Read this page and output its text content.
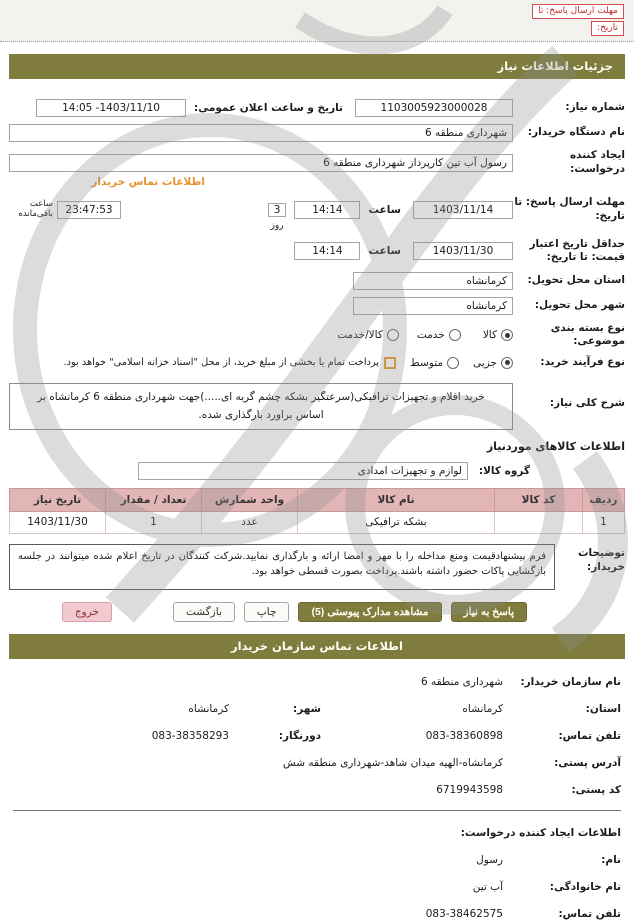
مهلت ارسال پاسخ: تا
تاریخ:
جزئیات اطلاعات نیاز
شماره نیاز:
1103005923000028
تاریخ و ساعت اعلان عمومی:
14:05 -1403/11/10
نام دستگاه خریدار:
شهرداری منطقه 6
ایجاد کننده درخواست:
رسول آب تین کارپرداز شهرداری منطقه 6
اطلاعات تماس خریدار
مهلت ارسال پاسخ: تا تاریخ:
1403/11/14
ساعت
14:14
3
روز
23:47:53
ساعت باقی‌مانده
حداقل تاریخ اعتبار قیمت: تا تاریخ:
1403/11/30
ساعت
14:14
استان محل تحویل:
کرمانشاه
شهر محل تحویل:
کرمانشاه
نوع بسته بندی موضوعی:
کالا
خدمت
کالا/خدمت
نوع فرآیند خرید:
جزیی
متوسط
پرداخت تمام یا بخشی از مبلغ خرید، از محل "اسناد خزانه اسلامی" خواهد بود.
شرح کلی نیاز:
خرید اقلام و تجهیزات ترافیکی(سرعتگیر بشکه چشم گربه ای.....)جهت شهرداری منطقه 6 کرمانشاه بر اساس براورد بارگذاری شده.
اطلاعات کالاهای موردنیاز
گروه کالا:
لوازم و تجهیزات امدادی
ردیف	کد کالا	نام کالا	واحد شمارش	تعداد / مقدار	تاریخ نیاز
1		بشکه ترافیکی	عدد	1	1403/11/30
توضیحات خریدار:
فرم پیشنهادقیمت ومنع مداخله را با مهر و امضا ارائه و بارگذاری نمایید.شرکت کنندگان در تاریخ اعلام شده میتوانند در جلسه بازگشایی پاکات حضور داشته باشند.پرداخت بصورت قسطی خواهد بود.
پاسخ به نیاز
مشاهده مدارک پیوستی (5)
چاپ
بازگشت
خروج
اطلاعات تماس سازمان خریدار
نام سازمان خریدار:
شهرداری منطقه 6
استان:
کرمانشاه
شهر:
کرمانشاه
تلفن تماس:
083-38360898
دورنگار:
083-38358293
آدرس پستی:
کرمانشاه-الهیه میدان شاهد-شهرداری منطقه شش
کد پستی:
6719943598
اطلاعات ایجاد کننده درخواست:
نام:
رسول
نام خانوادگی:
آب تین
تلفن تماس:
083-38462575
